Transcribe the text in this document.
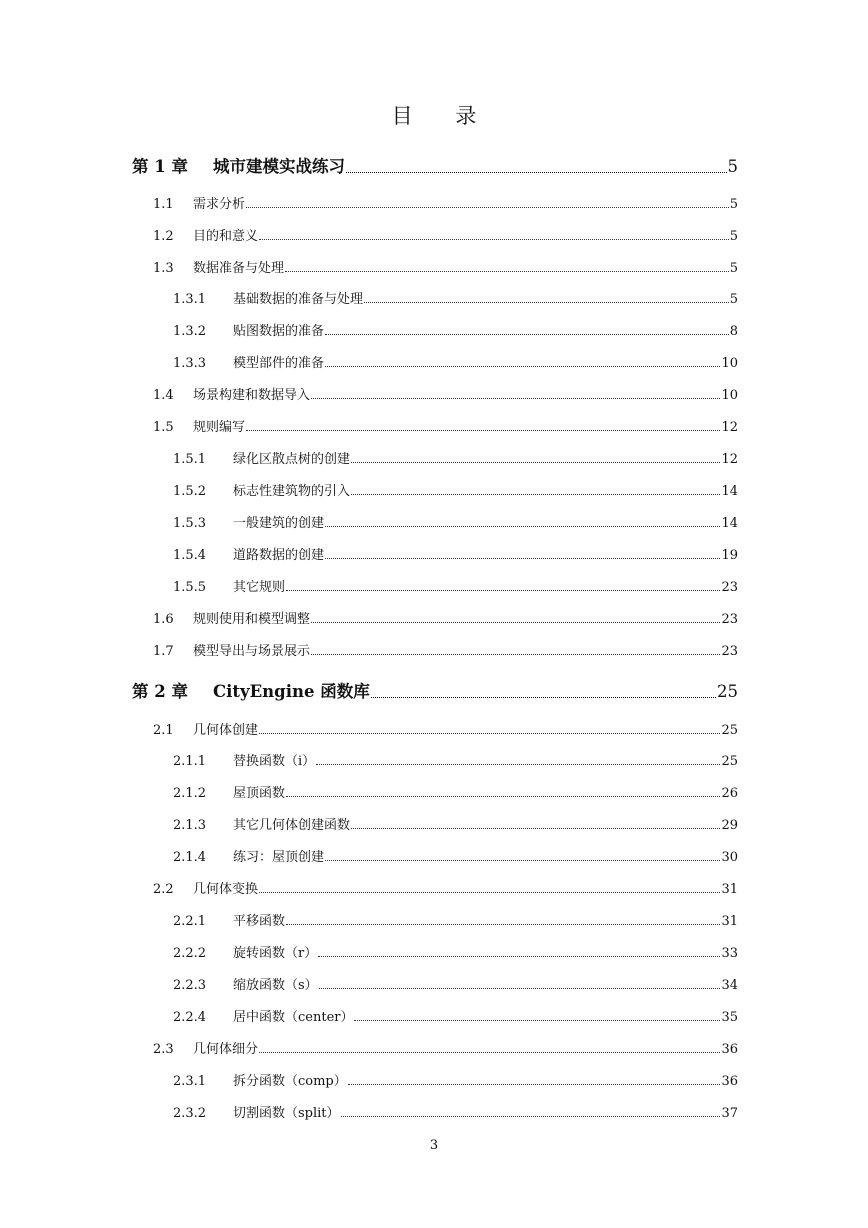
目 录
第 1 章	城市建模实战练习	5
1.1	需求分析	5
1.2	目的和意义	5
1.3	数据准备与处理	5
1.3.1	基础数据的准备与处理	5
1.3.2	贴图数据的准备	8
1.3.3	模型部件的准备	10
1.4	场景构建和数据导入	10
1.5	规则编写	12
1.5.1	绿化区散点树的创建	12
1.5.2	标志性建筑物的引入	14
1.5.3	一般建筑的创建	14
1.5.4	道路数据的创建	19
1.5.5	其它规则	23
1.6	规则使用和模型调整	23
1.7	模型导出与场景展示	23
第 2 章	CityEngine 函数库	25
2.1	几何体创建	25
2.1.1	替换函数（i）	25
2.1.2	屋顶函数	26
2.1.3	其它几何体创建函数	29
2.1.4	练习：屋顶创建	30
2.2	几何体变换	31
2.2.1	平移函数	31
2.2.2	旋转函数（r）	33
2.2.3	缩放函数（s）	34
2.2.4	居中函数（center）	35
2.3	几何体细分	36
2.3.1	拆分函数（comp）	36
2.3.2	切割函数（split）	37
3
